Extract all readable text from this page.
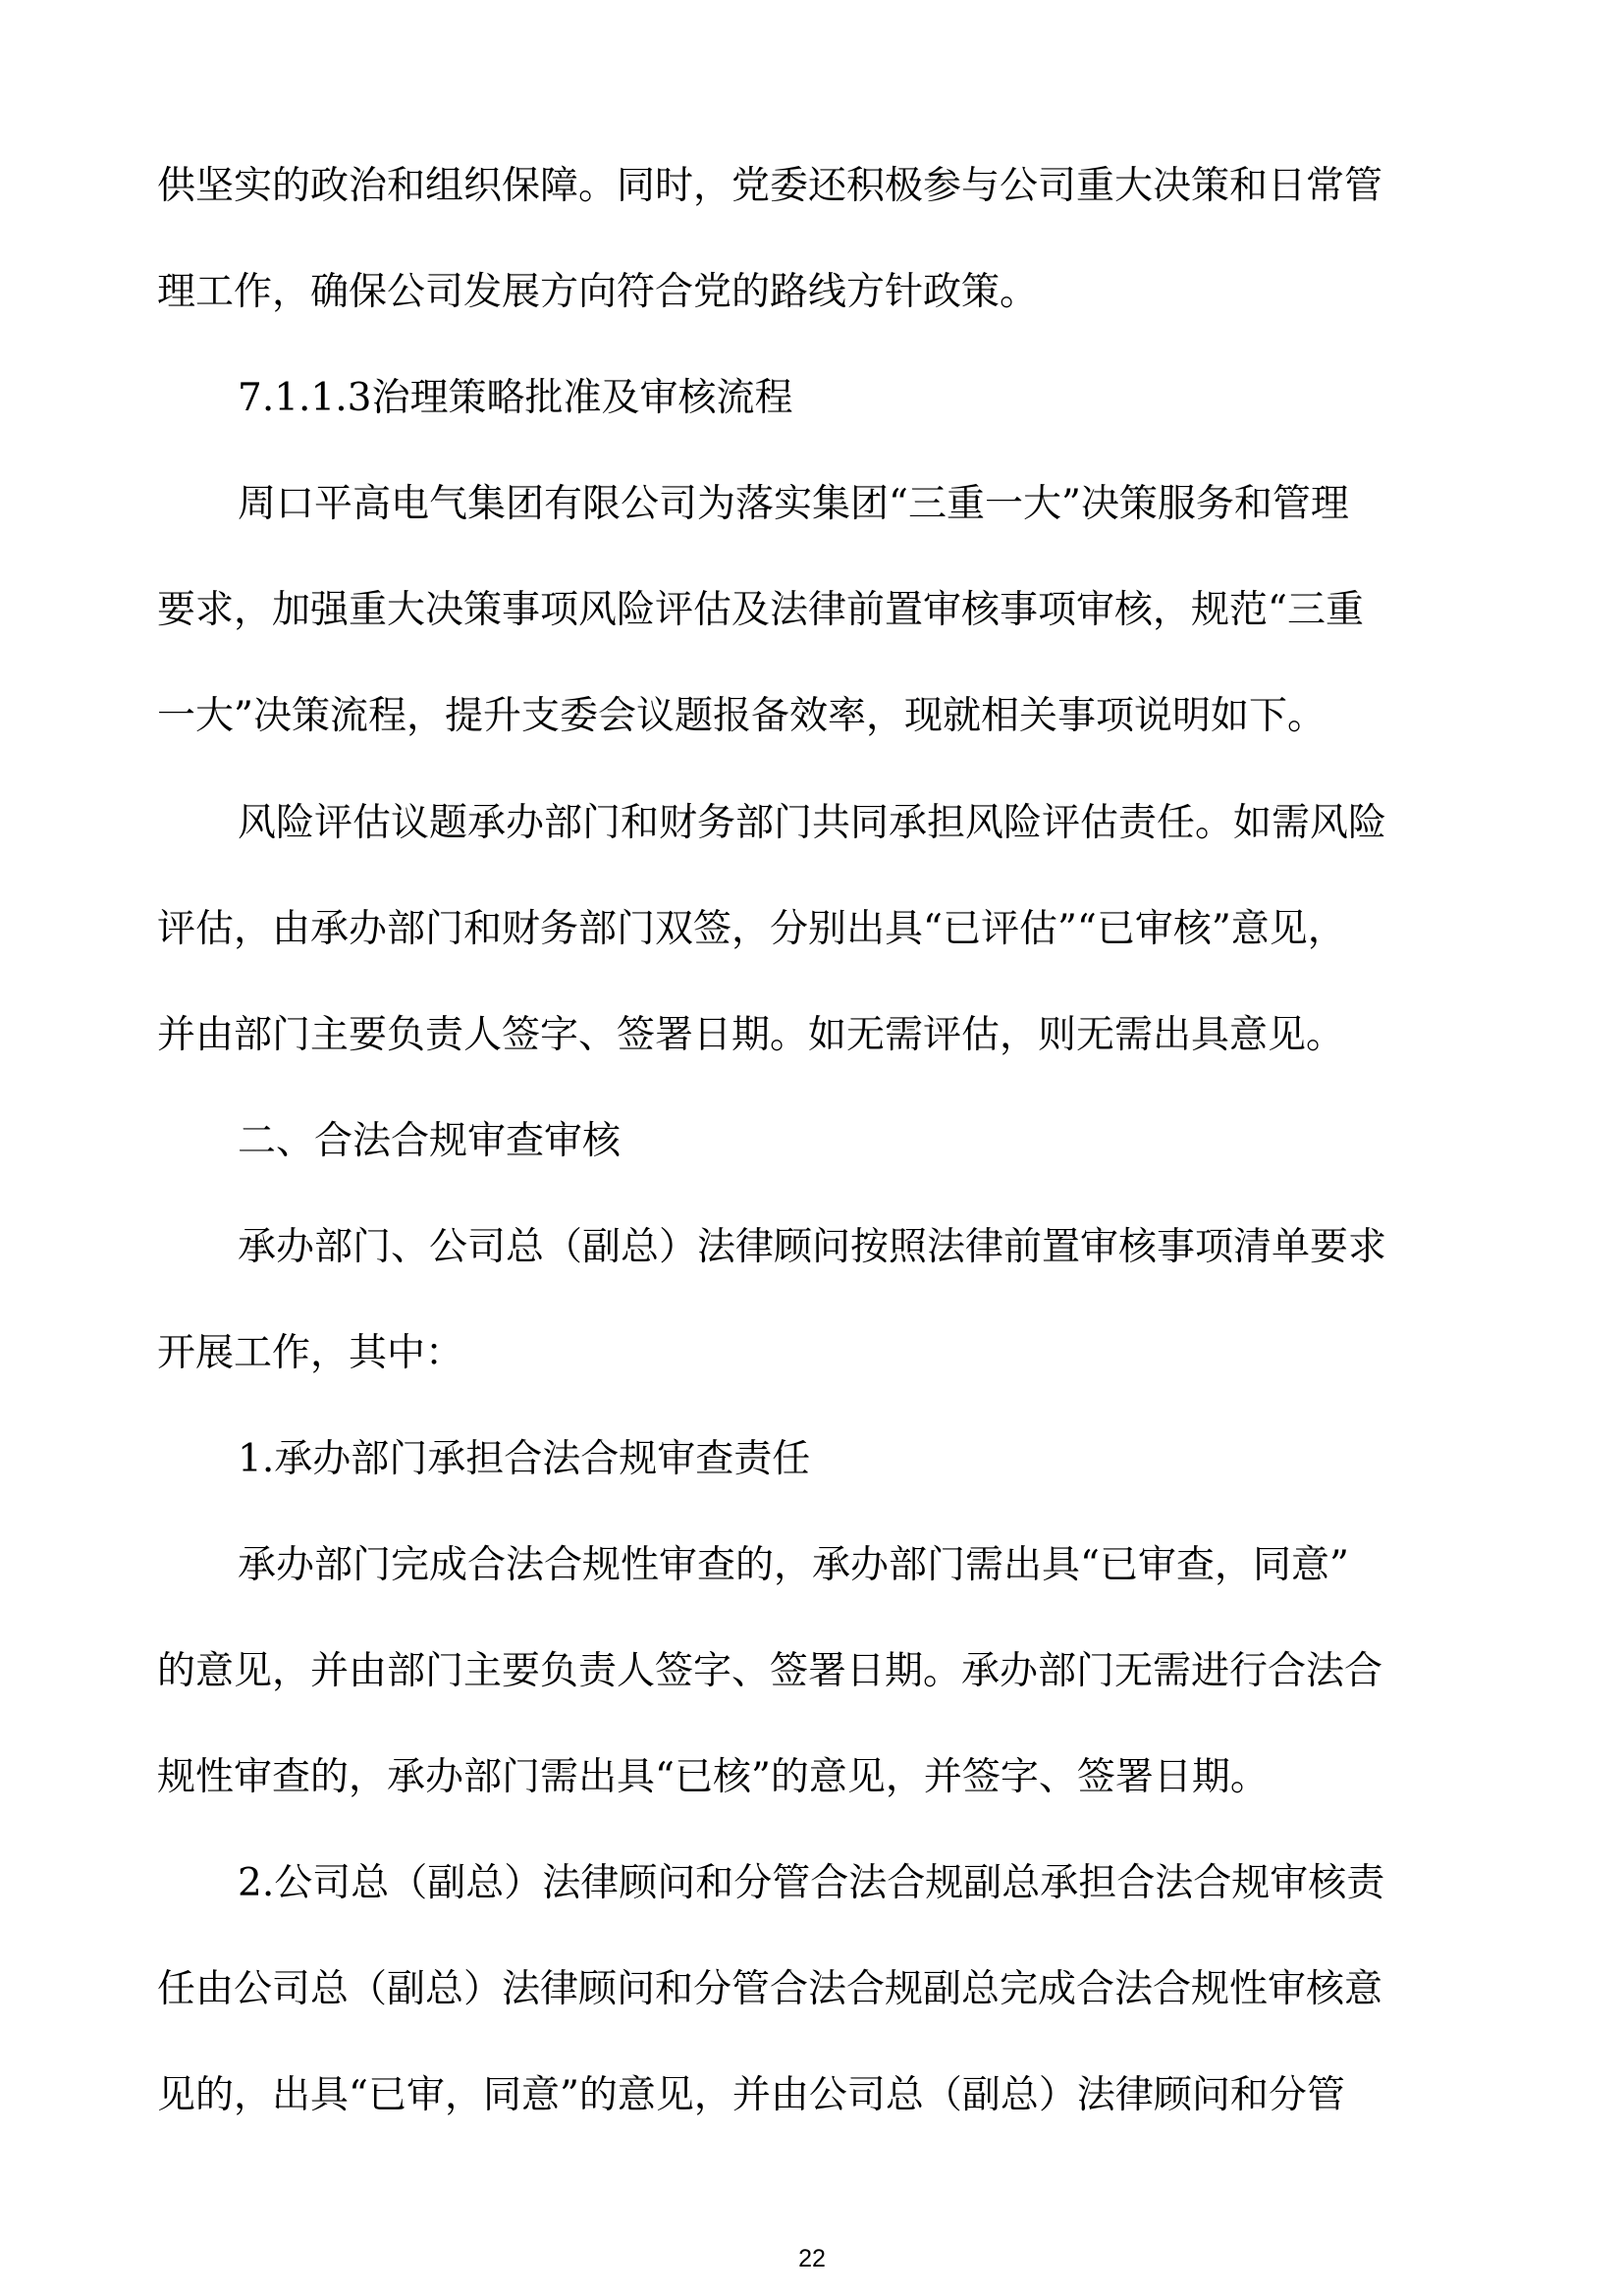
供坚实的政治和组织保障。同时，党委还积极参与公司重大决策和日常管
理工作，确保公司发展方向符合党的路线方针政策。
7.1.1.3治理策略批准及审核流程
周口平高电气集团有限公司为落实集团“三重一大”决策服务和管理
要求，加强重大决策事项风险评估及法律前置审核事项审核，规范“三重
一大”决策流程，提升支委会议题报备效率，现就相关事项说明如下。
风险评估议题承办部门和财务部门共同承担风险评估责任。如需风险
评估，由承办部门和财务部门双签，分别出具“已评估”“已审核”意见，
并由部门主要负责人签字、签署日期。如无需评估，则无需出具意见。
二、合法合规审查审核
承办部门、公司总（副总）法律顾问按照法律前置审核事项清单要求
开展工作，其中：
1.承办部门承担合法合规审查责任
承办部门完成合法合规性审查的，承办部门需出具“已审查，同意”
的意见，并由部门主要负责人签字、签署日期。承办部门无需进行合法合
规性审查的，承办部门需出具“已核”的意见，并签字、签署日期。
2.公司总（副总）法律顾问和分管合法合规副总承担合法合规审核责
任由公司总（副总）法律顾问和分管合法合规副总完成合法合规性审核意
见的，出具“已审，同意”的意见，并由公司总（副总）法律顾问和分管
22
